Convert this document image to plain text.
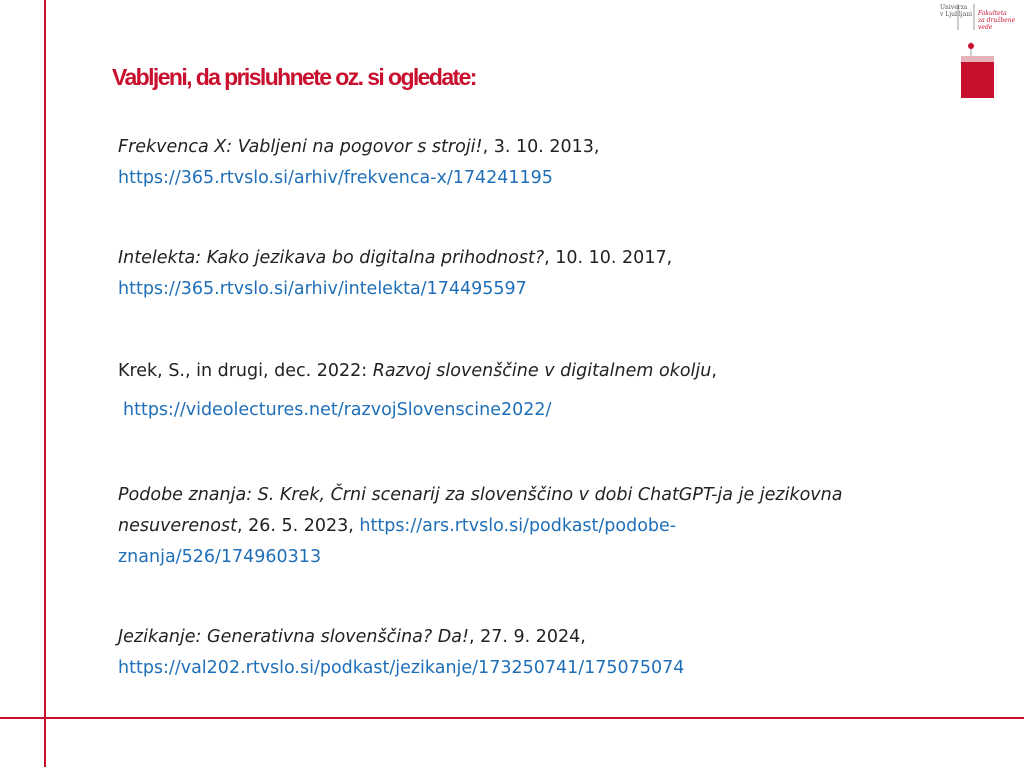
Univerza
v Ljubljani Fakulteta
za družbene vede
Vabljeni, da prisluhnete oz. si ogledate:
Frekvenca X: Vabljeni na pogovor s stroji!, 3. 10. 2013,
https://365.rtvslo.si/arhiv/frekvenca-x/174241195
Intelekta: Kako jezikava bo digitalna prihodnost?, 10. 10. 2017,
https://365.rtvslo.si/arhiv/intelekta/174495597
Krek, S., in drugi, dec. 2022: Razvoj slovenščine v digitalnem okolju,
https://videolectures.net/razvojSlovenscine2022/
Podobe znanja: S. Krek, Črni scenarij za slovenščino v dobi ChatGPT-ja je jezikovna
nesuverenost, 26. 5. 2023, https://ars.rtvslo.si/podkast/podobe-
znanja/526/174960313
Jezikanje: Generativna slovenščina? Da!, 27. 9. 2024,
https://val202.rtvslo.si/podkast/jezikanje/173250741/175075074
